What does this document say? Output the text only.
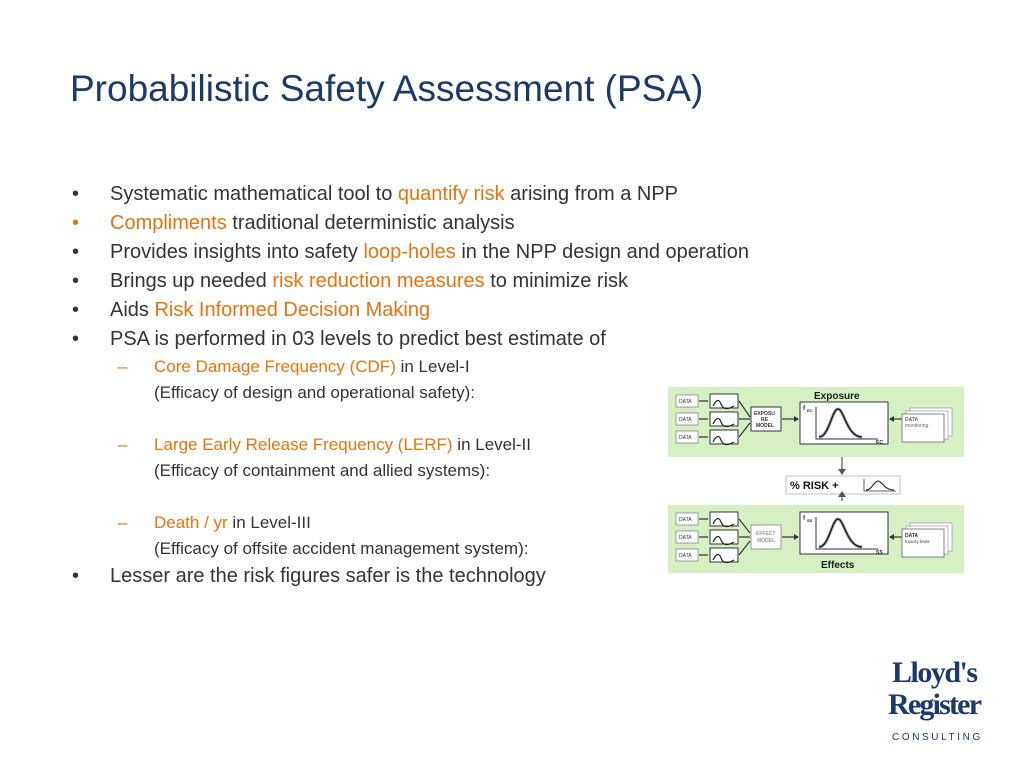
Probabilistic Safety Assessment (PSA)
• Systematic mathematical tool to quantify risk arising from a NPP
• Compliments traditional deterministic analysis
• Provides insights into safety loop-holes in the NPP design and operation
• Brings up needed risk reduction measures to minimize risk
• Aids Risk Informed Decision Making
• PSA is performed in 03 levels to predict best estimate of
– Core Damage Frequency (CDF) in Level-I
(Efficacy of design and operational safety):
– Large Early Release Frequency (LERF) in Level-II
(Efficacy of containment and allied systems):
– Death / yr in Level-III
(Efficacy of offsite accident management system):
• Lesser are the risk figures safer is the technology
DATA
DATA
DATA
EXPOSU
RE
MODEL
Exposure
f EC
EC
DATA
monitoring
% RISK +
DATA
DATA
DATA
EFFECT
MODEL
f SS
SS
Effects
DATA
toxicity tests
Lloyd's
Register
CONSULTING
